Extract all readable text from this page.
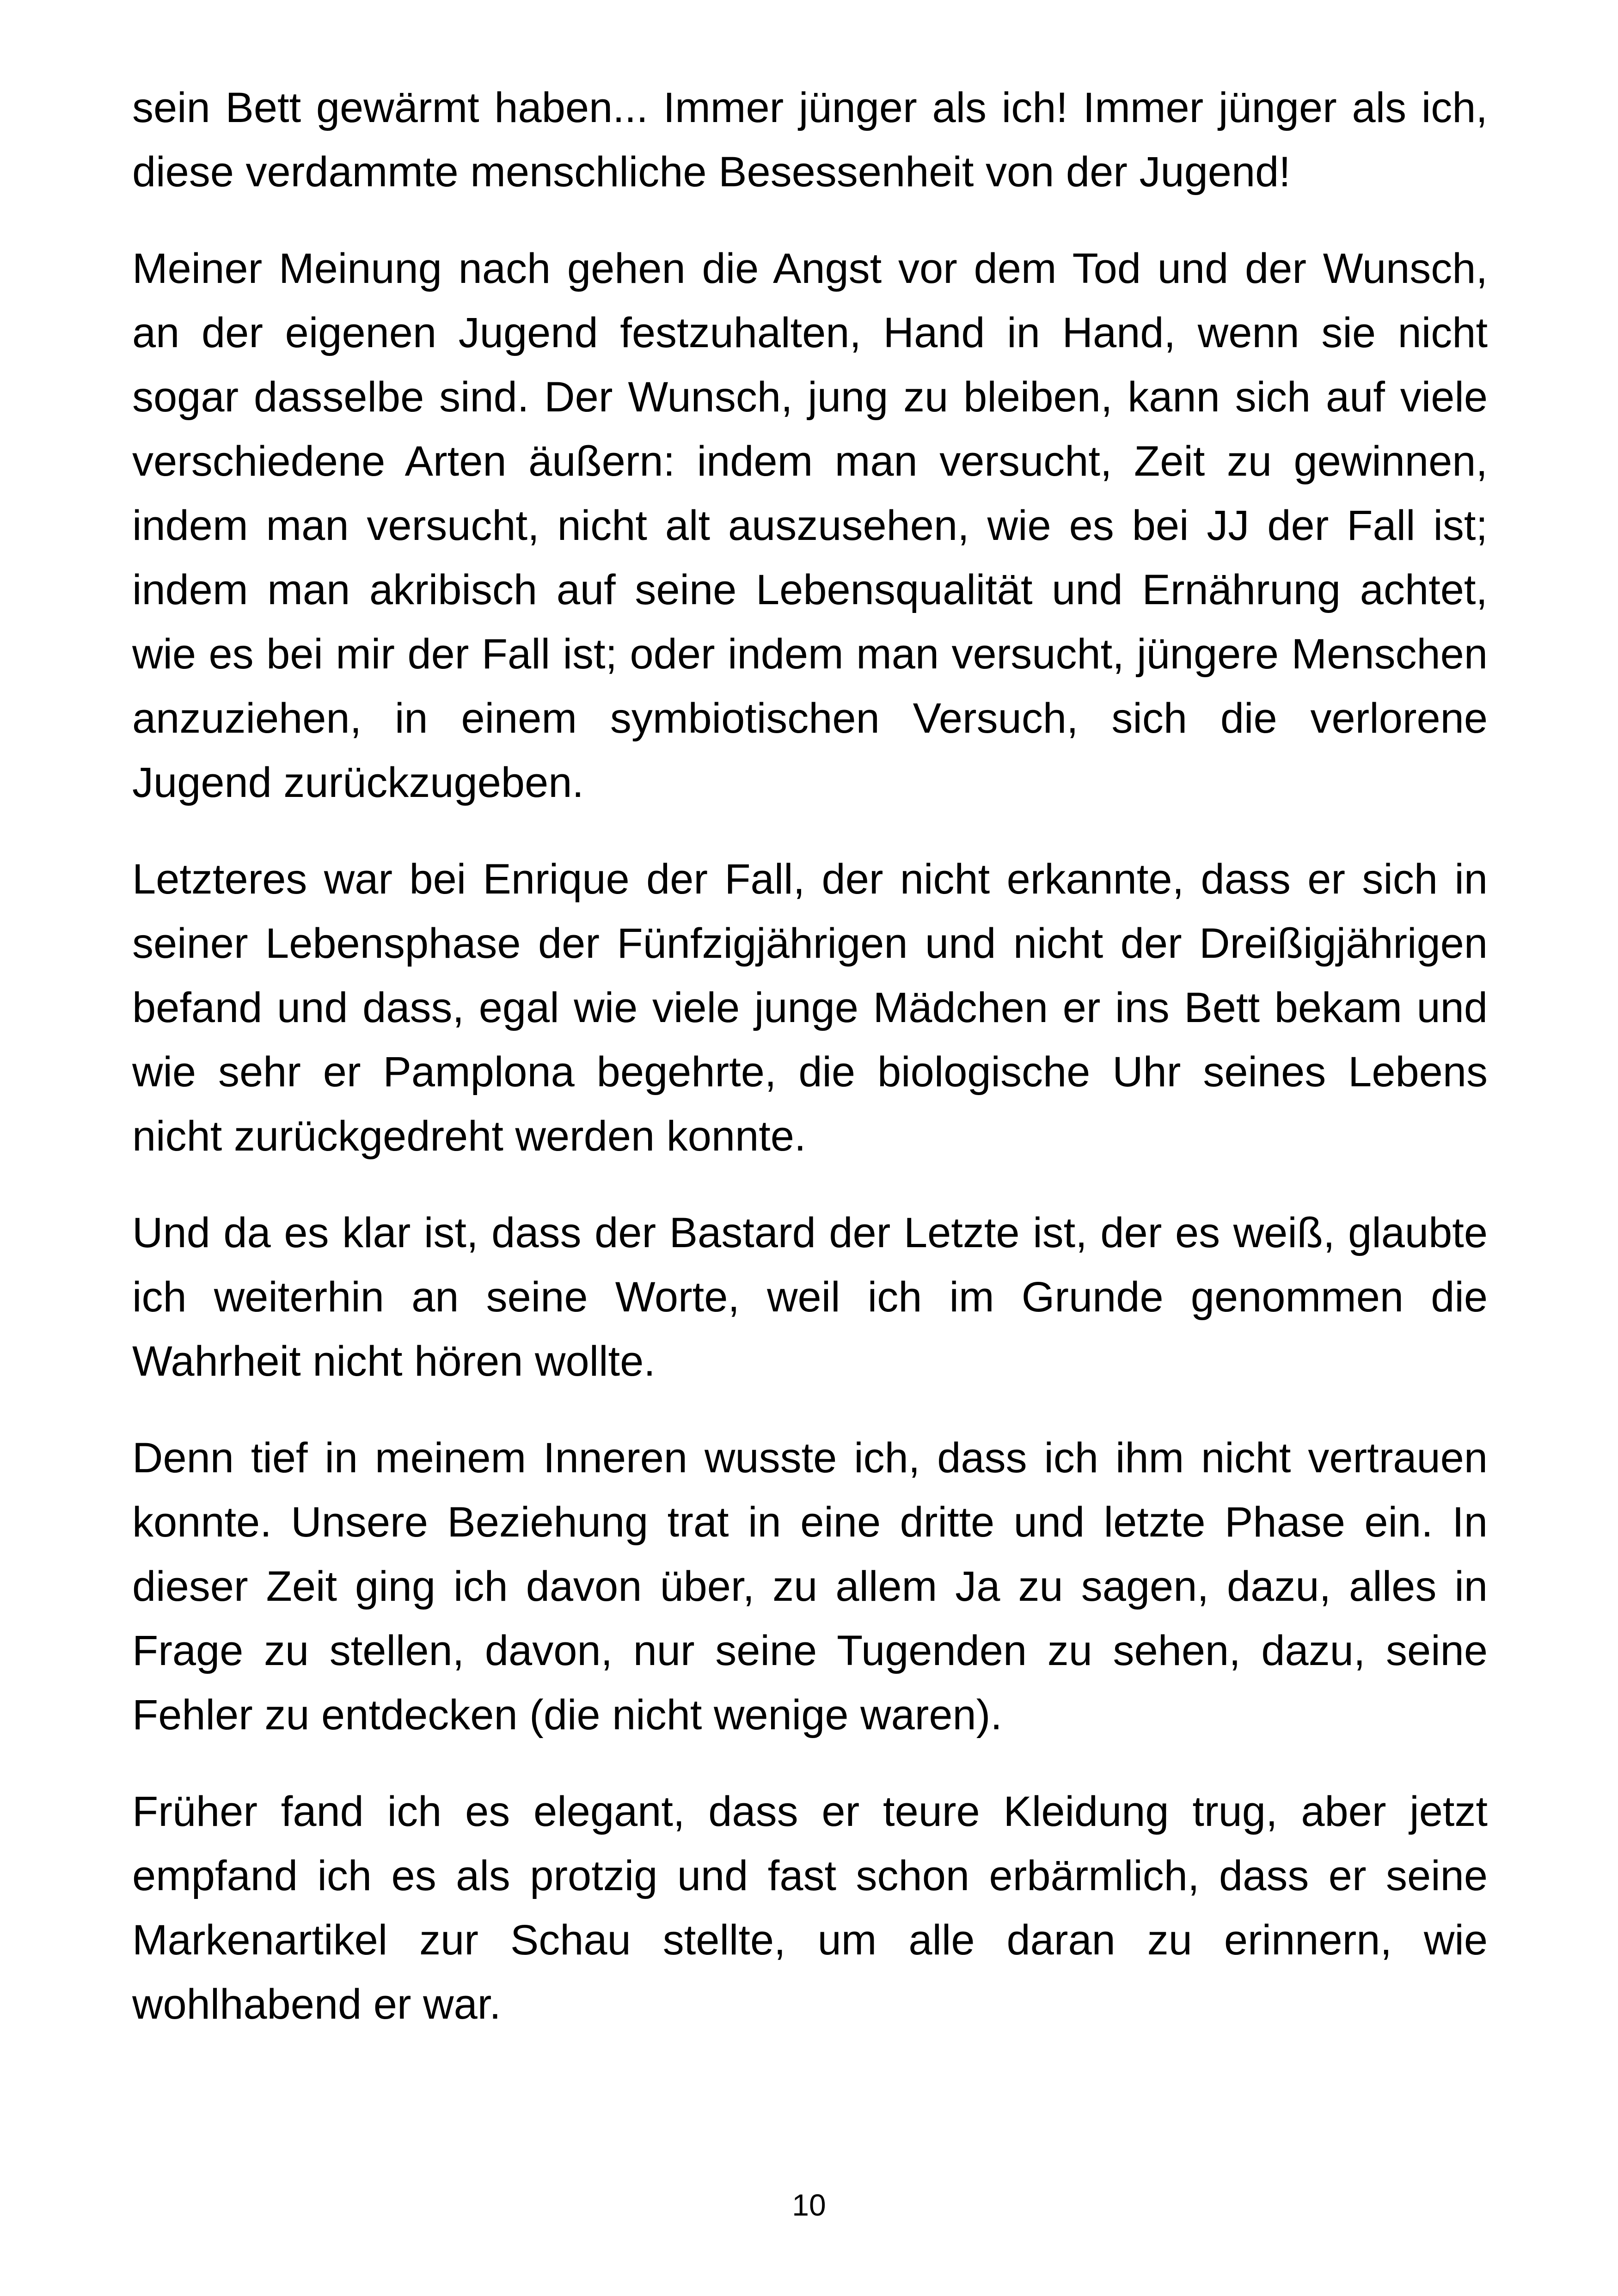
sein Bett gewärmt haben... Immer jünger als ich! Immer jünger als ich, diese verdammte menschliche Besessenheit von der Jugend!

Meiner Meinung nach gehen die Angst vor dem Tod und der Wunsch, an der eigenen Jugend festzuhalten, Hand in Hand, wenn sie nicht sogar dasselbe sind. Der Wunsch, jung zu bleiben, kann sich auf viele verschiedene Arten äußern: indem man versucht, Zeit zu gewinnen, indem man versucht, nicht alt auszusehen, wie es bei JJ der Fall ist; indem man akribisch auf seine Lebensqualität und Ernährung achtet, wie es bei mir der Fall ist; oder indem man versucht, jüngere Menschen anzuziehen, in einem symbiotischen Versuch, sich die verlorene Jugend zurückzugeben.

Letzteres war bei Enrique der Fall, der nicht erkannte, dass er sich in seiner Lebensphase der Fünfzigjährigen und nicht der Dreißigjährigen befand und dass, egal wie viele junge Mädchen er ins Bett bekam und wie sehr er Pamplona begehrte, die biologische Uhr seines Lebens nicht zurückgedreht werden konnte.

Und da es klar ist, dass der Bastard der Letzte ist, der es weiß, glaubte ich weiterhin an seine Worte, weil ich im Grunde genommen die Wahrheit nicht hören wollte.

Denn tief in meinem Inneren wusste ich, dass ich ihm nicht vertrauen konnte. Unsere Beziehung trat in eine dritte und letzte Phase ein. In dieser Zeit ging ich davon über, zu allem Ja zu sagen, dazu, alles in Frage zu stellen, davon, nur seine Tugenden zu sehen, dazu, seine Fehler zu entdecken (die nicht wenige waren).

Früher fand ich es elegant, dass er teure Kleidung trug, aber jetzt empfand ich es als protzig und fast schon erbärmlich, dass er seine Markenartikel zur Schau stellte, um alle daran zu erinnern, wie wohlhabend er war.

10
